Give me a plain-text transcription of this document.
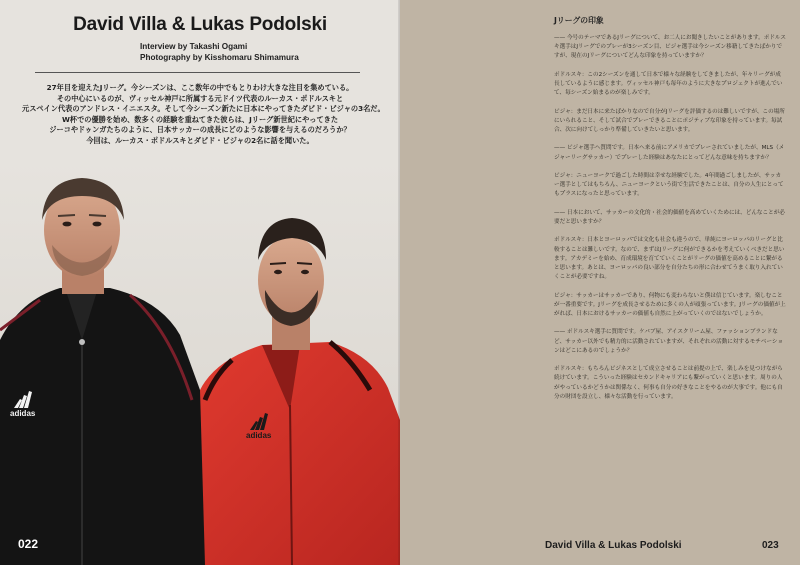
David Villa & Lukas Podolski
Interview by Takashi Ogami
Photography by Kisshomaru Shimamura
27年目を迎えたJリーグ。今シーズンは、ここ数年の中でもとりわけ大きな注目を集めている。
その中心にいるのが、ヴィッセル神戸に所属する元ドイツ代表のルーカス・ポドルスキと
元スペイン代表のアンドレス・イニエスタ。そして今シーズン新たに日本にやってきたダビド・ビジャの3名だ。
W杯での優勝を始め、数多くの経験を重ねてきた彼らは、Jリーグ新世紀にやってきた
ジーコやドゥンガたちのように、日本サッカーの成長にどのような影響を与えるのだろうか？
今回は、ルーカス・ポドルスキとダビド・ビジャの2名に話を聞いた。
adidas
adidas
022
Jリーグの印象

—— 今号のテーマであるJリーグについて、お二人にお聞きしたいことがあります。ポドルスキ選手はJリーグでのプレーが3シーズン目、ビジャ選手は今シーズン移籍してきたばかりですが、現在のJリーグについてどんな印象を持っていますか？

ポドルスキ：この2シーズンを通して日本で様々な経験をしてきましたが、年々リーグが成長しているように感じます。ヴィッセル神戸も毎年のように大きなプロジェクトが進んでいて、毎シーズン始まるのが楽しみです。

ビジャ：まだ日本に来たばかりなので自分がJリーグを評価するのは難しいですが、この場所にいられること、そして試合でプレーできることにポジティブな印象を持っています。毎試合、次に向けてしっかり準備していきたいと思います。

—— ビジャ選手へ質問です。日本へ来る前にアメリカでプレーされていましたが、MLS（メジャーリーグサッカー）でプレーした経験はあなたにとってどんな意味を持ちますか？

ビジャ：ニューヨークで過ごした時間は幸せな経験でした。4年間過ごしましたが、サッカー選手としてはもちろん、ニューヨークという街で生活できたことは、自分の人生にとってもプラスになったと思っています。

—— 日本において、サッカーの文化的・社会的価値を高めていくためには、どんなことが必要だと思いますか？

ポドルスキ：日本とヨーロッパでは文化も社会も違うので、単純にヨーロッパのリーグと比較することは難しいです。なので、まずはJリーグに何ができるかを考えていくべきだと思います。アカデミーを始め、育成環境を育てていくことがリーグの価値を高めることに繋がると思います。あとは、ヨーロッパの良い部分を自分たちの形に合わせてうまく取り入れていくことが必要ですね。

ビジャ：サッカーはサッカーであり、何物にも変わらないと僕は信じています。楽しむことが一番重要です。Jリーグを成長させるために多くの人が頑張っています。Jリーグの価値が上がれば、日本におけるサッカーの価値も自然に上がっていくのではないでしょうか。

—— ポドルスキ選手に質問です。ケバブ屋、アイスクリーム屋、ファッションブランドなど、サッカー以外でも精力的に活動されていますが、それぞれの活動に対するモチベーションはどこにあるのでしょうか？

ポドルスキ：もちろんビジネスとして成立させることは前提の上で、楽しみを見つけながら続けています。こういった経験はセカンドキャリアにも繋がっていくと思います。周りの人がやっているかどうかは関係なく、何事も自分の好きなことをやるのが大事です。他にも自分の財団を設立し、様々な活動を行っています。

David Villa & Lukas Podolski	023
